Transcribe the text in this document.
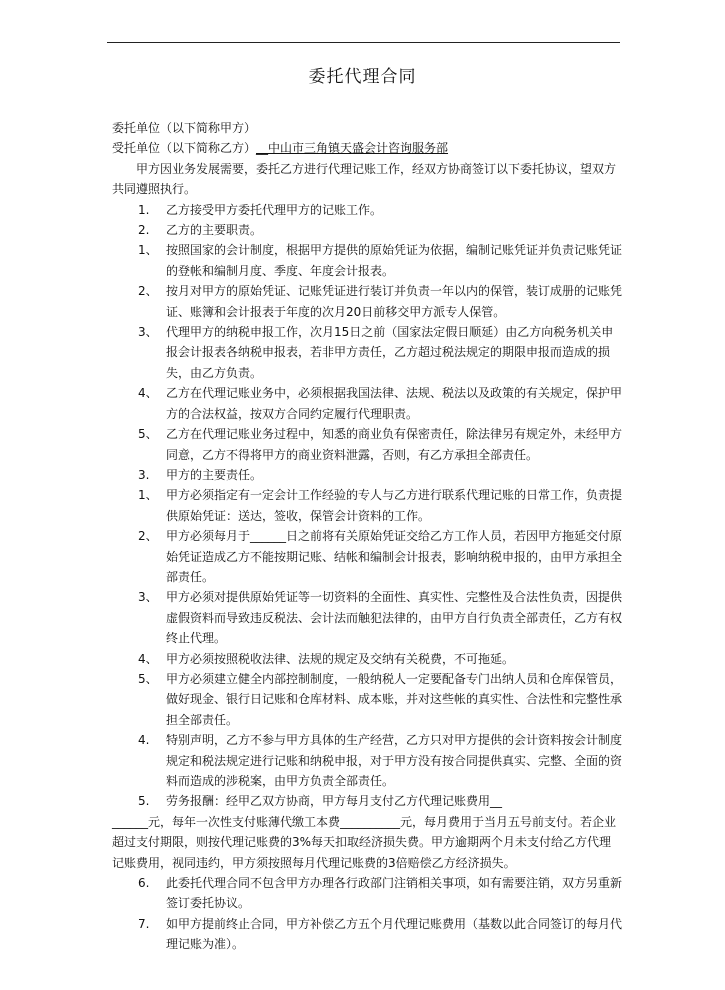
委托代理合同

委托单位（以下简称甲方）

受托单位（以下简称乙方）__中山市三角镇天盛会计咨询服务部

甲方因业务发展需要，委托乙方进行代理记账工作，经双方协商签订以下委托协议，望双方共同遵照执行。

1.	乙方接受甲方委托代理甲方的记账工作。
2.	乙方的主要职责。
1、 按照国家的会计制度，根据甲方提供的原始凭证为依据，编制记账凭证并负责记账凭证的登帐和编制月度、季度、年度会计报表。
2、 按月对甲方的原始凭证、记账凭证进行装订并负责一年以内的保管，装订成册的记账凭证、账簿和会计报表于年度的次月20日前移交甲方派专人保管。
3、 代理甲方的纳税申报工作，次月15日之前（国家法定假日顺延）由乙方向税务机关申报会计报表各纳税申报表，若非甲方责任，乙方超过税法规定的期限申报而造成的损失，由乙方负责。
4、 乙方在代理记账业务中，必须根据我国法律、法规、税法以及政策的有关规定，保护甲方的合法权益，按双方合同约定履行代理职责。
5、 乙方在代理记账业务过程中，知悉的商业负有保密责任，除法律另有规定外，未经甲方同意，乙方不得将甲方的商业资料泄露，否则，有乙方承担全部责任。
3.	甲方的主要责任。
1、 甲方必须指定有一定会计工作经验的专人与乙方进行联系代理记账的日常工作，负责提供原始凭证：送达，签收，保管会计资料的工作。
2、 甲方必须每月于______日之前将有关原始凭证交给乙方工作人员，若因甲方拖延交付原始凭证造成乙方不能按期记账、结帐和编制会计报表，影响纳税申报的，由甲方承担全部责任。
3、 甲方必须对提供原始凭证等一切资料的全面性、真实性、完整性及合法性负责，因提供虚假资料而导致违反税法、会计法而触犯法律的，由甲方自行负责全部责任，乙方有权终止代理。
4、 甲方必须按照税收法律、法规的规定及交纳有关税费，不可拖延。
5、 甲方必须建立健全内部控制制度，一般纳税人一定要配备专门出纳人员和仓库保管员，做好现金、银行日记账和仓库材料、成本账，并对这些帐的真实性、合法性和完整性承担全部责任。
4.	特别声明，乙方不参与甲方具体的生产经营，乙方只对甲方提供的会计资料按会计制度规定和税法规定进行记账和纳税申报，对于甲方没有按合同提供真实、完整、全面的资料而造成的涉税案，由甲方负责全部责任。
5.	劳务报酬：经甲乙双方协商，甲方每月支付乙方代理记账费用__

______元，每年一次性支付账薄代缴工本费__________元，每月费用于当月五号前支付。若企业超过支付期限，则按代理记账费的3%每天扣取经济损失费。甲方逾期两个月未支付给乙方代理记账费用，视同违约，甲方须按照每月代理记账费的3倍赔偿乙方经济损失。

6.	此委托代理合同不包含甲方办理各行政部门注销相关事项，如有需要注销，双方另重新签订委托协议。
7.	如甲方提前终止合同，甲方补偿乙方五个月代理记账费用（基数以此合同签订的每月代理记账为准）。
